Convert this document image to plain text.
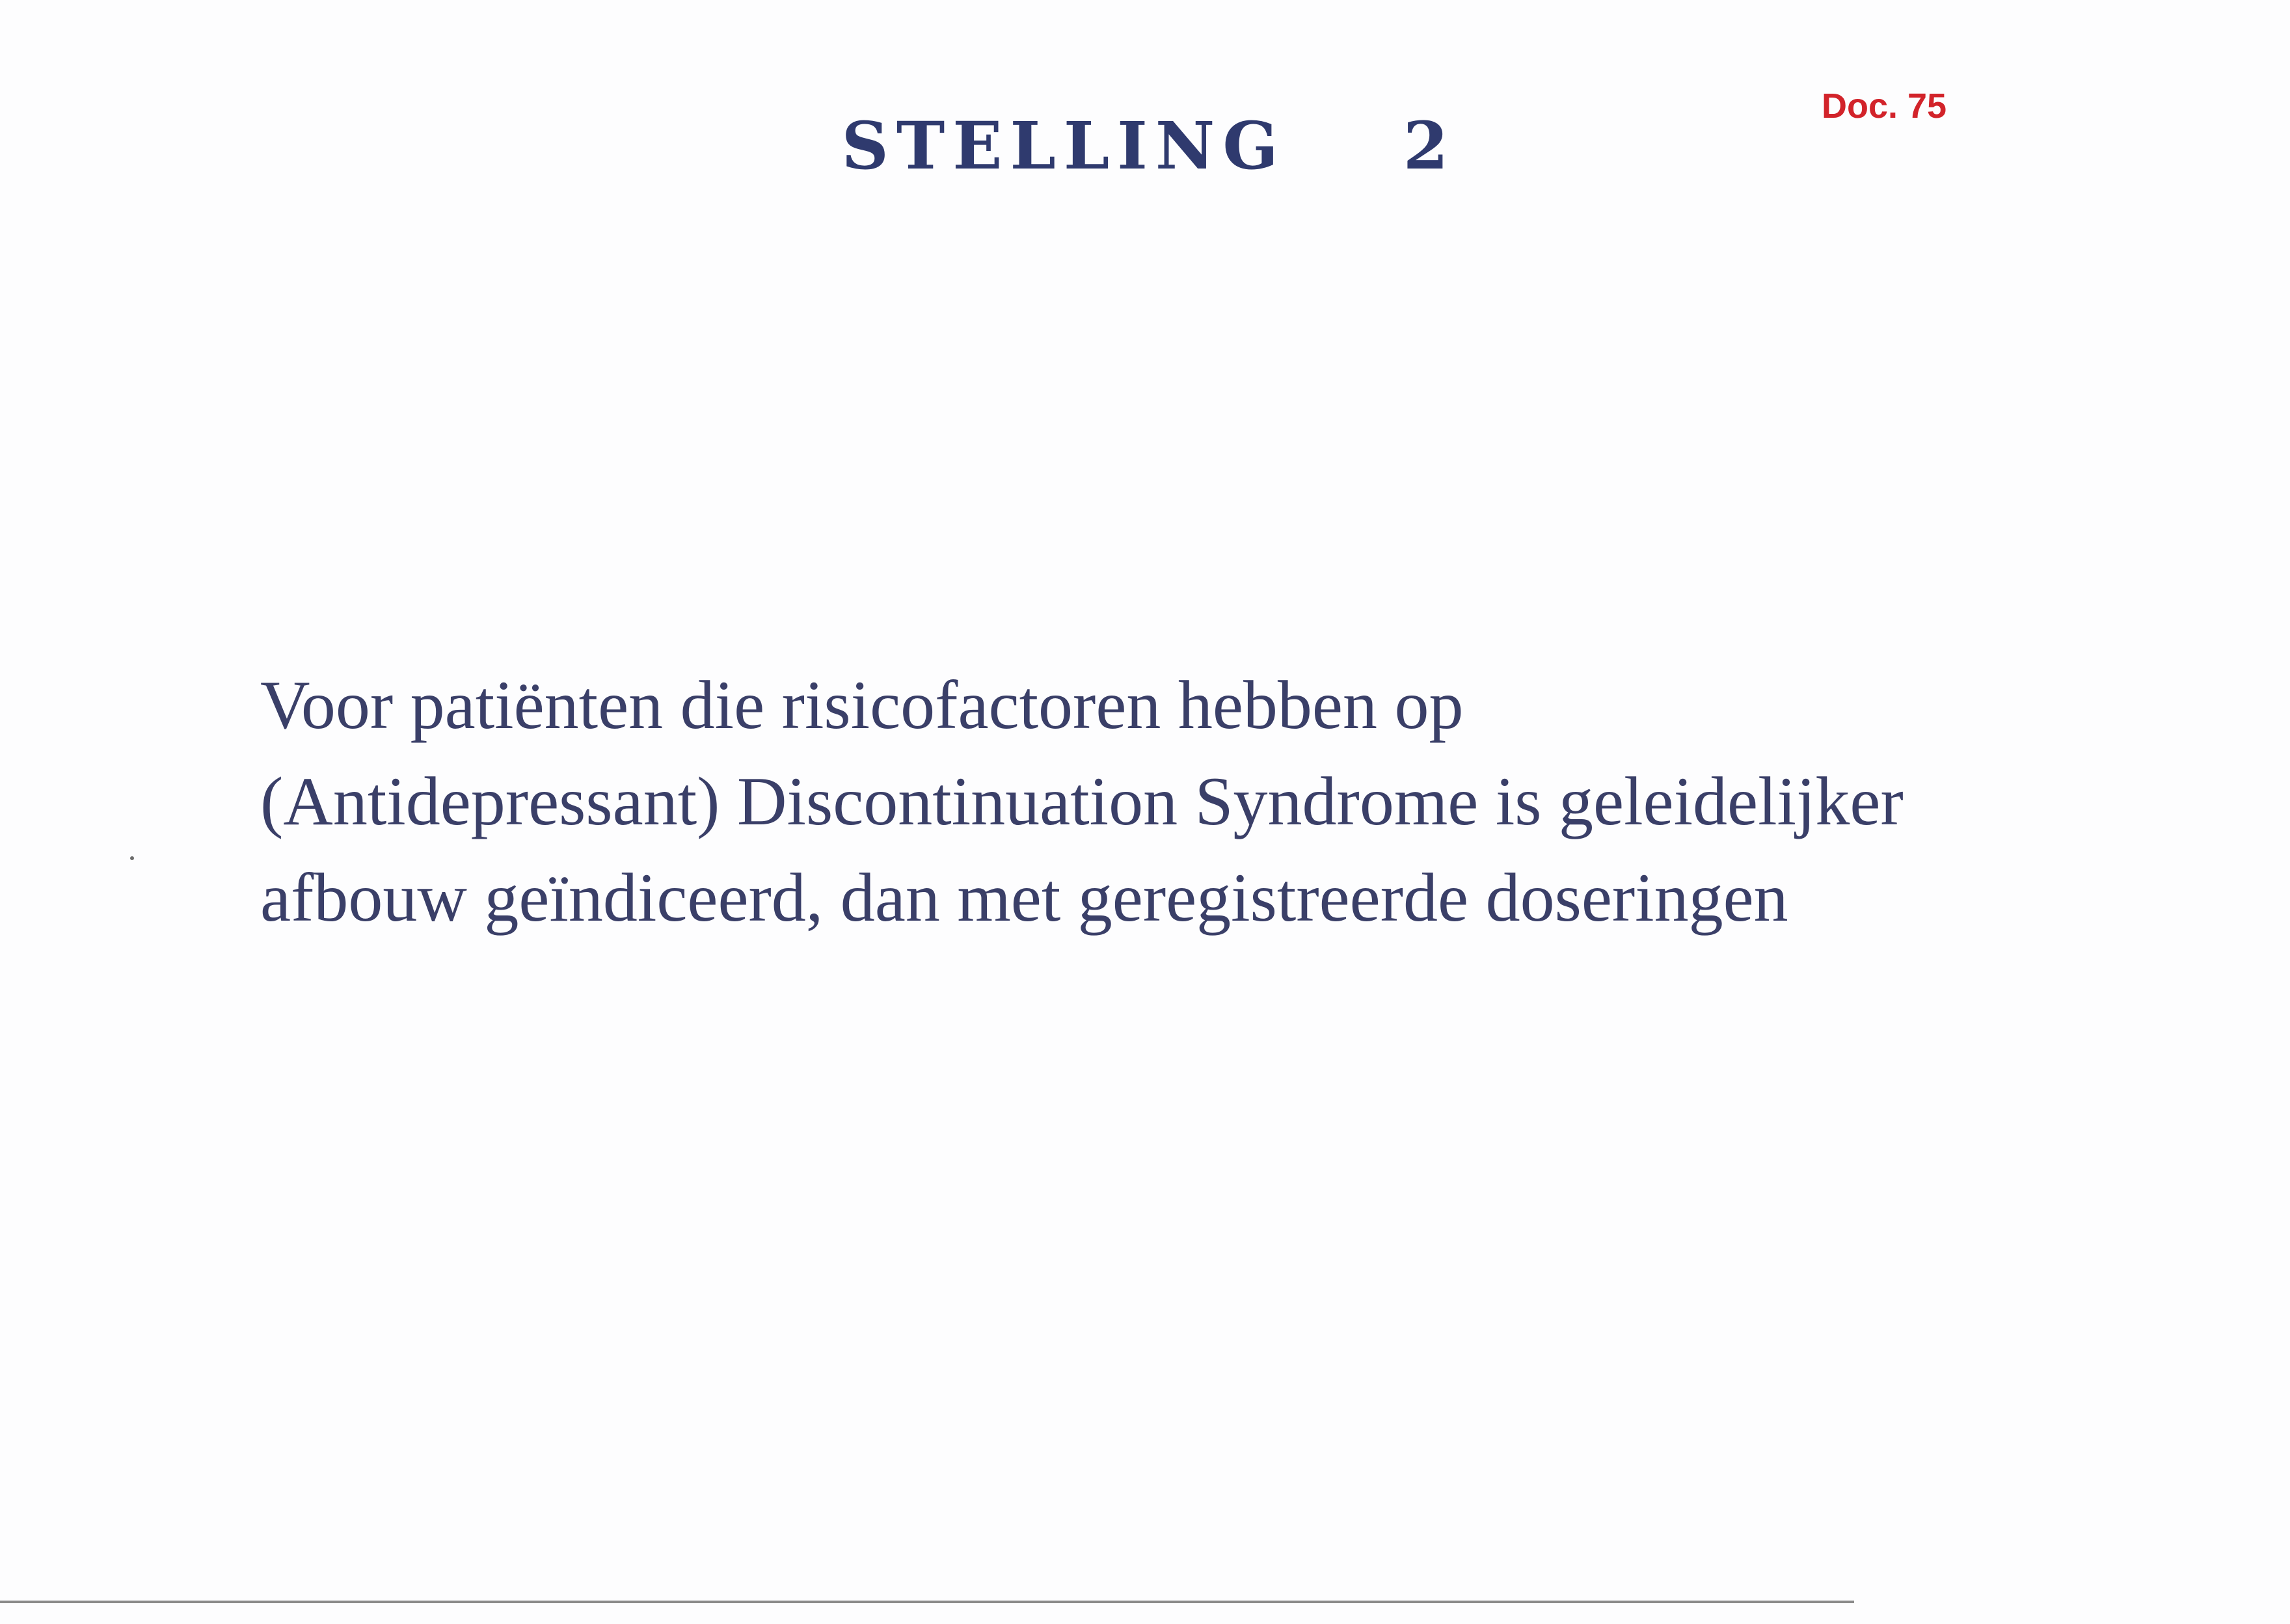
STELLING 2
Doc. 75
Voor patiënten die risicofactoren hebben op
(Antidepressant) Discontinuation Syndrome is geleidelijker
afbouw geïndiceerd, dan met geregistreerde doseringen
